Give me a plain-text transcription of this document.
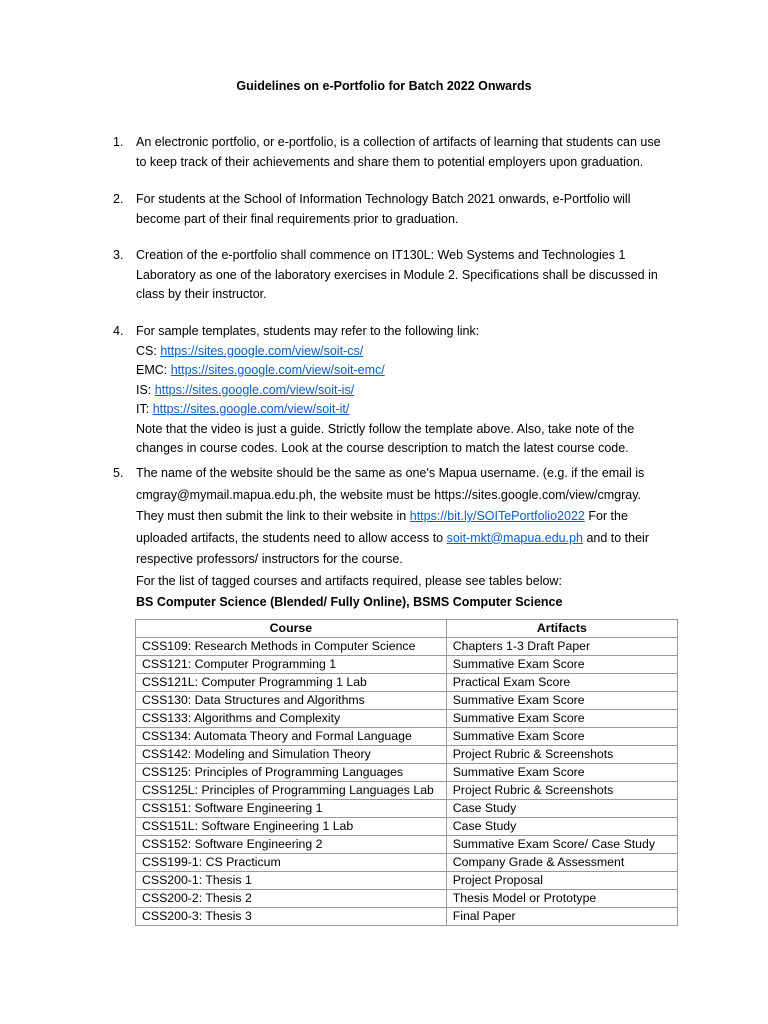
Guidelines on e-Portfolio for Batch 2022 Onwards
1.	An electronic portfolio, or e-portfolio, is a collection of artifacts of learning that students can use
to keep track of their achievements and share them to potential employers upon graduation.
2.	For students at the School of Information Technology Batch 2021 onwards, e-Portfolio will
become part of their final requirements prior to graduation.
3.	Creation of the e-portfolio shall commence on IT130L: Web Systems and Technologies 1
Laboratory as one of the laboratory exercises in Module 2. Specifications shall be discussed in
class by their instructor.
4.	For sample templates, students may refer to the following link:
CS: https://sites.google.com/view/soit-cs/
EMC: https://sites.google.com/view/soit-emc/
IS: https://sites.google.com/view/soit-is/
IT: https://sites.google.com/view/soit-it/
Note that the video is just a guide. Strictly follow the template above. Also, take note of the
changes in course codes. Look at the course description to match the latest course code.
5.	The name of the website should be the same as one's Mapua username. (e.g. if the email is
cmgray@mymail.mapua.edu.ph, the website must be https://sites.google.com/view/cmgray.
They must then submit the link to their website in https://bit.ly/SOITePortfolio2022 For the
uploaded artifacts, the students need to allow access to soit-mkt@mapua.edu.ph and to their
respective professors/ instructors for the course.
For the list of tagged courses and artifacts required, please see tables below:
BS Computer Science (Blended/ Fully Online), BSMS Computer Science
Course	Artifacts
CSS109: Research Methods in Computer Science	Chapters 1-3 Draft Paper
CSS121: Computer Programming 1	Summative Exam Score
CSS121L: Computer Programming 1 Lab	Practical Exam Score
CSS130: Data Structures and Algorithms	Summative Exam Score
CSS133: Algorithms and Complexity	Summative Exam Score
CSS134: Automata Theory and Formal Language	Summative Exam Score
CSS142: Modeling and Simulation Theory	Project Rubric & Screenshots
CSS125: Principles of Programming Languages	Summative Exam Score
CSS125L: Principles of Programming Languages Lab	Project Rubric & Screenshots
CSS151: Software Engineering 1	Case Study
CSS151L: Software Engineering 1 Lab	Case Study
CSS152: Software Engineering 2	Summative Exam Score/ Case Study
CSS199-1: CS Practicum	Company Grade & Assessment
CSS200-1: Thesis 1	Project Proposal
CSS200-2: Thesis 2	Thesis Model or Prototype
CSS200-3: Thesis 3	Final Paper
